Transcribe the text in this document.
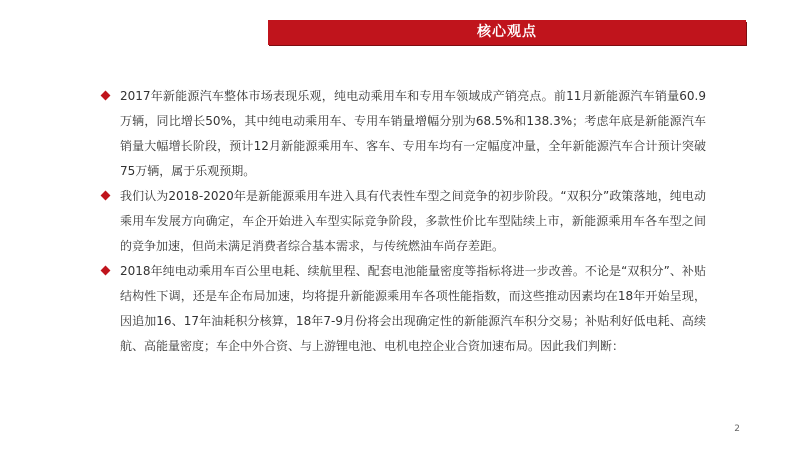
核心观点
2017年新能源汽车整体市场表现乐观，纯电动乘用车和专用车领域成产销亮点。前11月新能源汽车销量60.9万辆，同比增长50%，其中纯电动乘用车、专用车销量增幅分别为68.5%和138.3%；考虑年底是新能源汽车销量大幅增长阶段，预计12月新能源乘用车、客车、专用车均有一定幅度冲量，全年新能源汽车合计预计突破75万辆，属于乐观预期。
我们认为2018-2020年是新能源乘用车进入具有代表性车型之间竞争的初步阶段。“双积分”政策落地，纯电动乘用车发展方向确定，车企开始进入车型实际竞争阶段，多款性价比车型陆续上市，新能源乘用车各车型之间的竞争加速，但尚未满足消费者综合基本需求，与传统燃油车尚存差距。
2018年纯电动乘用车百公里电耗、续航里程、配套电池能量密度等指标将进一步改善。不论是“双积分”、补贴结构性下调，还是车企布局加速，均将提升新能源乘用车各项性能指数，而这些推动因素均在18年开始呈现，因追加16、17年油耗积分核算，18年7-9月份将会出现确定性的新能源汽车积分交易；补贴利好低电耗、高续航、高能量密度；车企中外合资、与上游锂电池、电机电控企业合资加速布局。因此我们判断：
2
